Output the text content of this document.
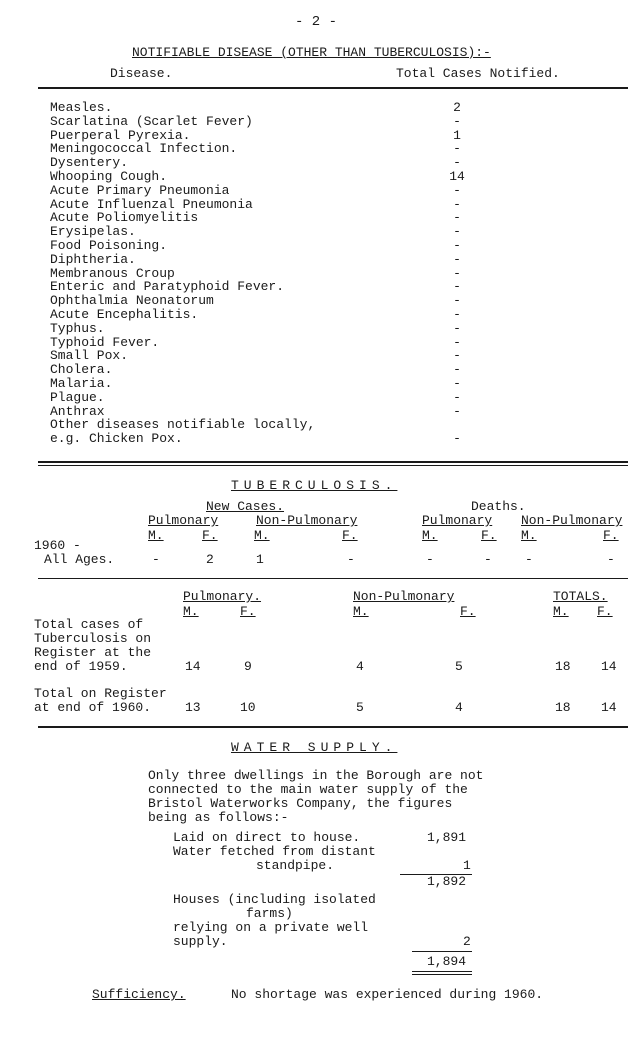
- 2 -
NOTIFIABLE DISEASE (OTHER THAN TUBERCULOSIS):-
Disease.	Total Cases Notified.
Measles.	2
Scarlatina (Scarlet Fever)	-
Puerperal Pyrexia.	1
Meningococcal Infection.	-
Dysentery.	-
Whooping Cough.	14
Acute Primary Pneumonia	-
Acute Influenzal Pneumonia	-
Acute Poliomyelitis	-
Erysipelas.	-
Food Poisoning.	-
Diphtheria.	-
Membranous Croup	-
Enteric and Paratyphoid Fever.	-
Ophthalmia Neonatorum	-
Acute Encephalitis.	-
Typhus.	-
Typhoid Fever.	-
Small Pox.	-
Cholera.	-
Malaria.	-
Plague.	-
Anthrax	-
Other diseases notifiable locally,
e.g. Chicken Pox.	-
TUBERCULOSIS.
New Cases.	Deaths.
Pulmonary	Non-Pulmonary	Pulmonary Non-Pulmonary
M.	F.	M.	F.	M.	F. M.	F.
1960 -
All Ages.	-	2	1	-	-	-	-	-
Pulmonary.	Non-Pulmonary	TOTALS.
M.	F.	M.	F.	M. F.
Total cases of
Tuberculosis on
Register at the
end of 1959.	14	9	4	5	18 14
Total on Register
at end of 1960.	13	10	5	4	18 14
WATER SUPPLY.
Only three dwellings in the Borough are not
connected to the main water supply of the
Bristol Waterworks Company, the figures
being as follows:-
Laid on direct to house.	1,891
Water fetched from distant
standpipe.	1
1,892
Houses (including isolated
farms)
relying on a private well
supply.	2
1,894
Sufficiency.	No shortage was experienced during 1960.
